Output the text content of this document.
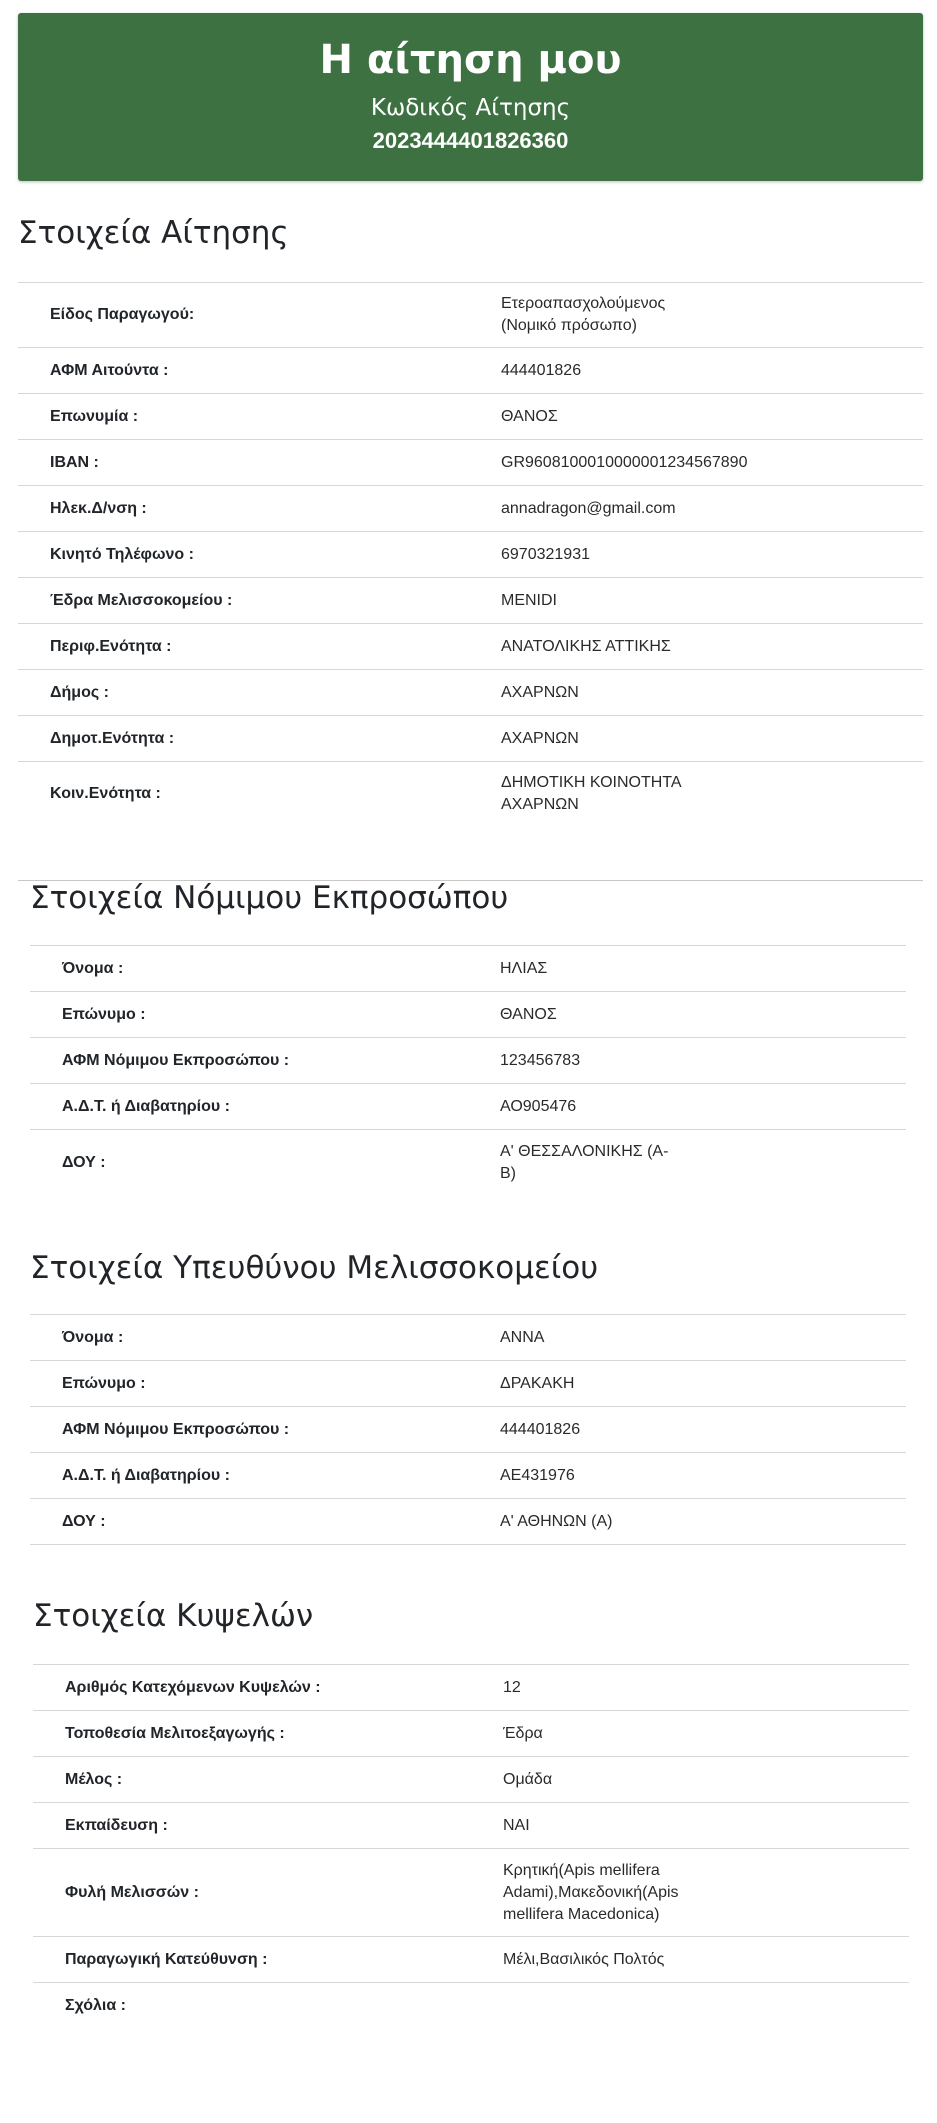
Η αίτηση μου
Κωδικός Αίτησης
2023444401826360
Στοιχεία Αίτησης
Είδος Παραγωγού:	Ετεροαπασχολούμενος (Νομικό πρόσωπο)

ΑΦΜ Αιτούντα :	444401826
Επωνυμία :	ΘΑΝΟΣ
IBAN :	GR9608100010000001234567890
Ηλεκ.Δ/νση :	annadragon@gmail.com
Κινητό Τηλέφωνο :	6970321931
Έδρα Μελισσοκομείου :	MENIDI
Περιφ.Ενότητα :	ΑΝΑΤΟΛΙΚΗΣ ΑΤΤΙΚΗΣ
Δήμος :	ΑΧΑΡΝΩΝ
Δημοτ.Ενότητα :	ΑΧΑΡΝΩΝ
Κοιν.Ενότητα :	ΔΗΜΟΤΙΚΗ ΚΟΙΝΟΤΗΤΑ ΑΧΑΡΝΩΝ
Στοιχεία Νόμιμου Εκπροσώπου
Όνομα :	ΗΛΙΑΣ
Επώνυμο :	ΘΑΝΟΣ
ΑΦΜ Νόμιμου Εκπροσώπου :	123456783
Α.Δ.Τ. ή Διαβατηρίου :	ΑΟ905476
ΔΟΥ :	Α' ΘΕΣΣΑΛΟΝΙΚΗΣ (Α-Β)
Στοιχεία Υπευθύνου Μελισσοκομείου
Όνομα :	ΑΝΝΑ
Επώνυμο :	ΔΡΑΚΑΚΗ
ΑΦΜ Νόμιμου Εκπροσώπου :	444401826
Α.Δ.Τ. ή Διαβατηρίου :	ΑΕ431976
ΔΟΥ :	Α' ΑΘΗΝΩΝ (Α)
Στοιχεία Κυψελών
Αριθμός Κατεχόμενων Κυψελών :	12
Τοποθεσία Μελιτοεξαγωγής :	Έδρα
Μέλος :	Ομάδα
Εκπαίδευση :	ΝΑΙ
Φυλή Μελισσών :	Κρητική(Apis mellifera Adami),Μακεδονική(Apis mellifera Macedonica)

Παραγωγική Κατεύθυνση :	Μέλι,Βασιλικός Πολτός
Σχόλια :	
